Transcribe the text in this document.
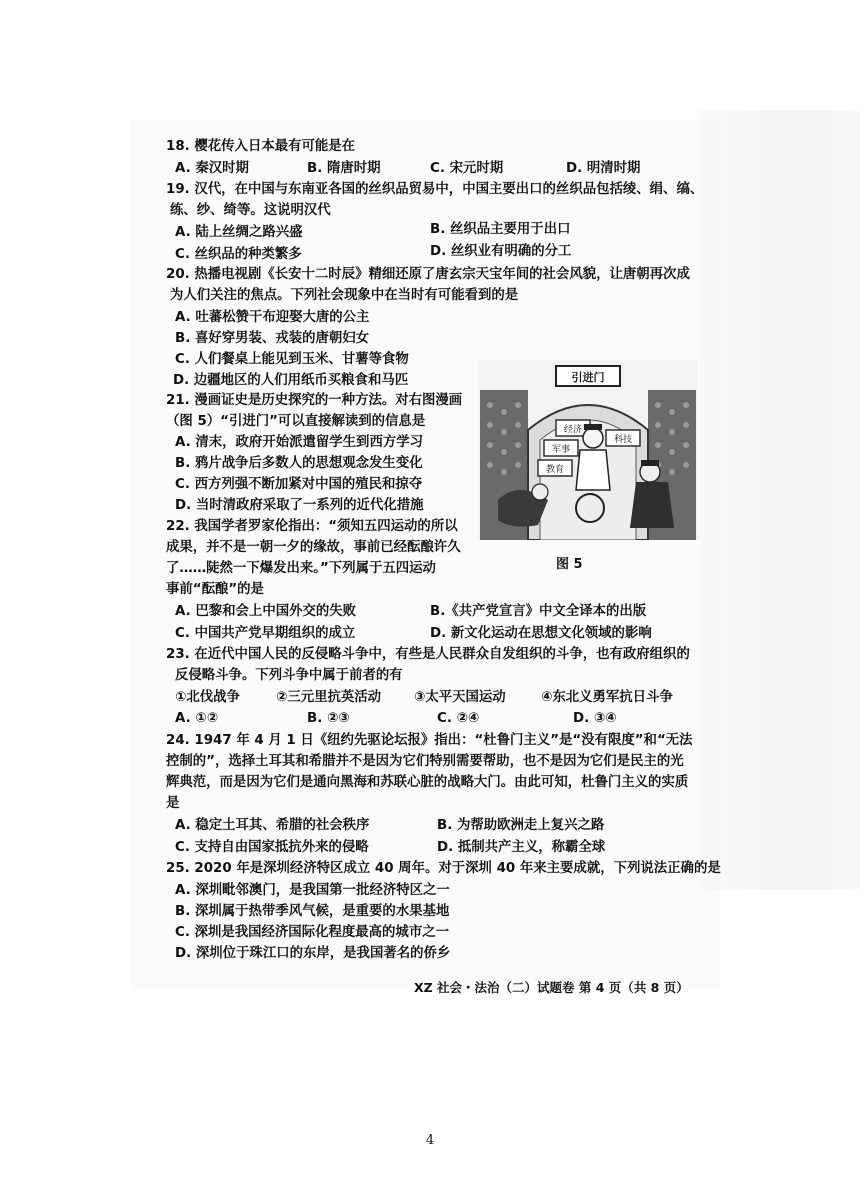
18. 樱花传入日本最有可能是在
A. 秦汉时期	B. 隋唐时期	C. 宋元时期	D. 明清时期
19. 汉代，在中国与东南亚各国的丝织品贸易中，中国主要出口的丝织品包括绫、绢、缟、
练、纱、绮等。这说明汉代
A. 陆上丝绸之路兴盛	B. 丝织品主要用于出口
C. 丝织品的种类繁多	D. 丝织业有明确的分工
20. 热播电视剧《长安十二时辰》精细还原了唐玄宗天宝年间的社会风貌，让唐朝再次成
为人们关注的焦点。下列社会现象中在当时有可能看到的是
A. 吐蕃松赞干布迎娶大唐的公主
B. 喜好穿男装、戎装的唐朝妇女
C. 人们餐桌上能见到玉米、甘薯等食物
D. 边疆地区的人们用纸币买粮食和马匹
21. 漫画证史是历史探究的一种方法。对右图漫画
（图 5）“引进门”可以直接解读到的信息是
A. 清末，政府开始派遣留学生到西方学习
B. 鸦片战争后多数人的思想观念发生变化
C. 西方列强不断加紧对中国的殖民和掠夺
D. 当时清政府采取了一系列的近代化措施
引进门
经济
军事
科技
教育
图 5
22. 我国学者罗家伦指出：“须知五四运动的所以
成果，并不是一朝一夕的缘故，事前已经酝酿许久
了……陡然一下爆发出来。”下列属于五四运动
事前“酝酿”的是
A. 巴黎和会上中国外交的失败	B.《共产党宣言》中文全译本的出版
C. 中国共产党早期组织的成立	D. 新文化运动在思想文化领域的影响
23. 在近代中国人民的反侵略斗争中，有些是人民群众自发组织的斗争，也有政府组织的
反侵略斗争。下列斗争中属于前者的有
①北伐战争	②三元里抗英活动 ③太平天国运动	④东北义勇军抗日斗争
A. ①②	B. ②③	C. ②④	D. ③④
24. 1947 年 4 月 1 日《纽约先驱论坛报》指出：“杜鲁门主义”是“没有限度”和“无法
控制的”，选择土耳其和希腊并不是因为它们特别需要帮助，也不是因为它们是民主的光
辉典范，而是因为它们是通向黑海和苏联心脏的战略大门。由此可知，杜鲁门主义的实质
是
A. 稳定土耳其、希腊的社会秩序	B. 为帮助欧洲走上复兴之路
C. 支持自由国家抵抗外来的侵略	D. 抵制共产主义，称霸全球
25. 2020 年是深圳经济特区成立 40 周年。对于深圳 40 年来主要成就，下列说法正确的是
A. 深圳毗邻澳门，是我国第一批经济特区之一
B. 深圳属于热带季风气候，是重要的水果基地
C. 深圳是我国经济国际化程度最高的城市之一
D. 深圳位于珠江口的东岸，是我国著名的侨乡
XZ 社会・法治（二）试题卷 第 4 页（共 8 页）
4
